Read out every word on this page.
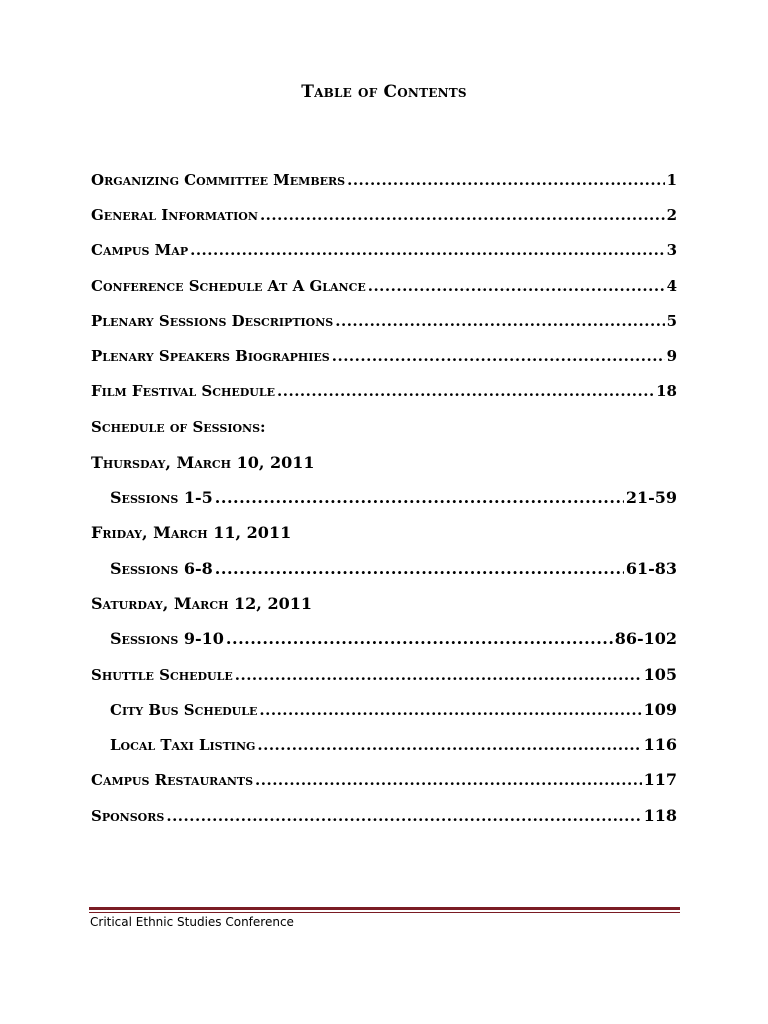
Table of Contents
Organizing Committee Members .....	1
General Information .....	2
Campus Map .....	3
Conference Schedule At A Glance .....	4
Plenary Sessions Descriptions .....	5
Plenary Speakers Biographies .....	9
Film Festival Schedule .....	18
Schedule of Sessions:
Thursday, March 10, 2011
Sessions 1-5 .....	21-59
Friday, March 11, 2011
Sessions 6-8 .....	61-83
Saturday, March 12, 2011
Sessions 9-10 .....	86-102
Shuttle Schedule .....	105
City Bus Schedule .....	109
Local Taxi Listing .....	116
Campus Restaurants .....	117
Sponsors .....	118
Critical Ethnic Studies Conference
